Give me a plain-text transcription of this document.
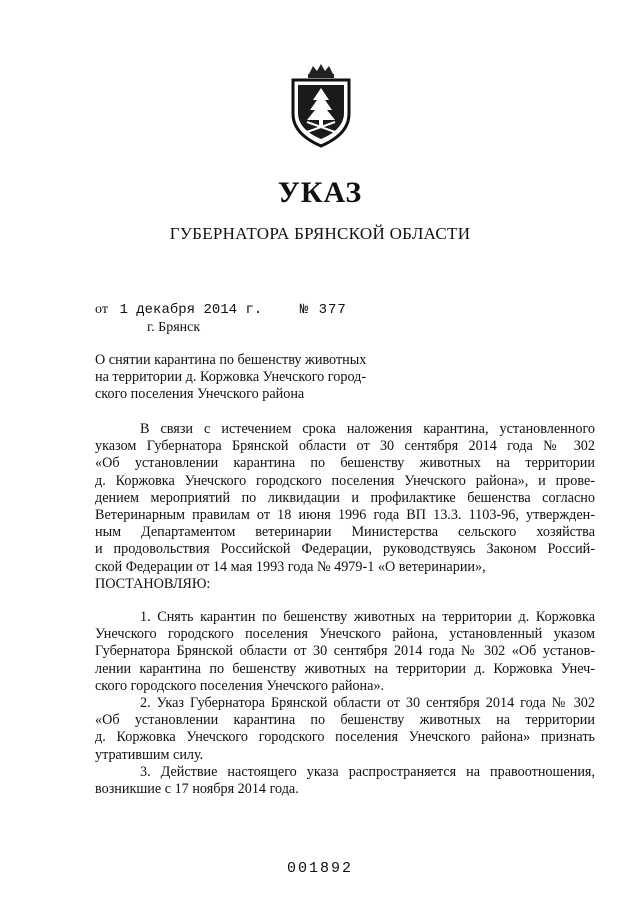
УКАЗ
ГУБЕРНАТОРА БРЯНСКОЙ ОБЛАСТИ
от 1 декабря 2014 г.	№ 377
г. Брянск
О снятии карантина по бешенству животных
на территории д. Коржовка Унечского город-
ского поселения Унечского района
В связи с истечением срока наложения карантина, установленного
указом Губернатора Брянской области от 30 сентября 2014 года № 302
«Об установлении карантина по бешенству животных на территории
д. Коржовка Унечского городского поселения Унечского района», и прове-
дением мероприятий по ликвидации и профилактике бешенства согласно
Ветеринарным правилам от 18 июня 1996 года ВП 13.3. 1103-96, утвержден-
ным Департаментом ветеринарии Министерства сельского хозяйства
и продовольствия Российской Федерации, руководствуясь Законом Россий-
ской Федерации от 14 мая 1993 года № 4979-1 «О ветеринарии»,
ПОСТАНОВЛЯЮ:
1. Снять карантин по бешенству животных на территории д. Коржовка
Унечского городского поселения Унечского района, установленный указом
Губернатора Брянской области от 30 сентября 2014 года № 302 «Об установ-
лении карантина по бешенству животных на территории д. Коржовка Унеч-
ского городского поселения Унечского района».
2. Указ Губернатора Брянской области от 30 сентября 2014 года № 302
«Об установлении карантина по бешенству животных на территории
д. Коржовка Унечского городского поселения Унечского района» признать
утратившим силу.
3. Действие настоящего указа распространяется на правоотношения,
возникшие с 17 ноября 2014 года.
001892
